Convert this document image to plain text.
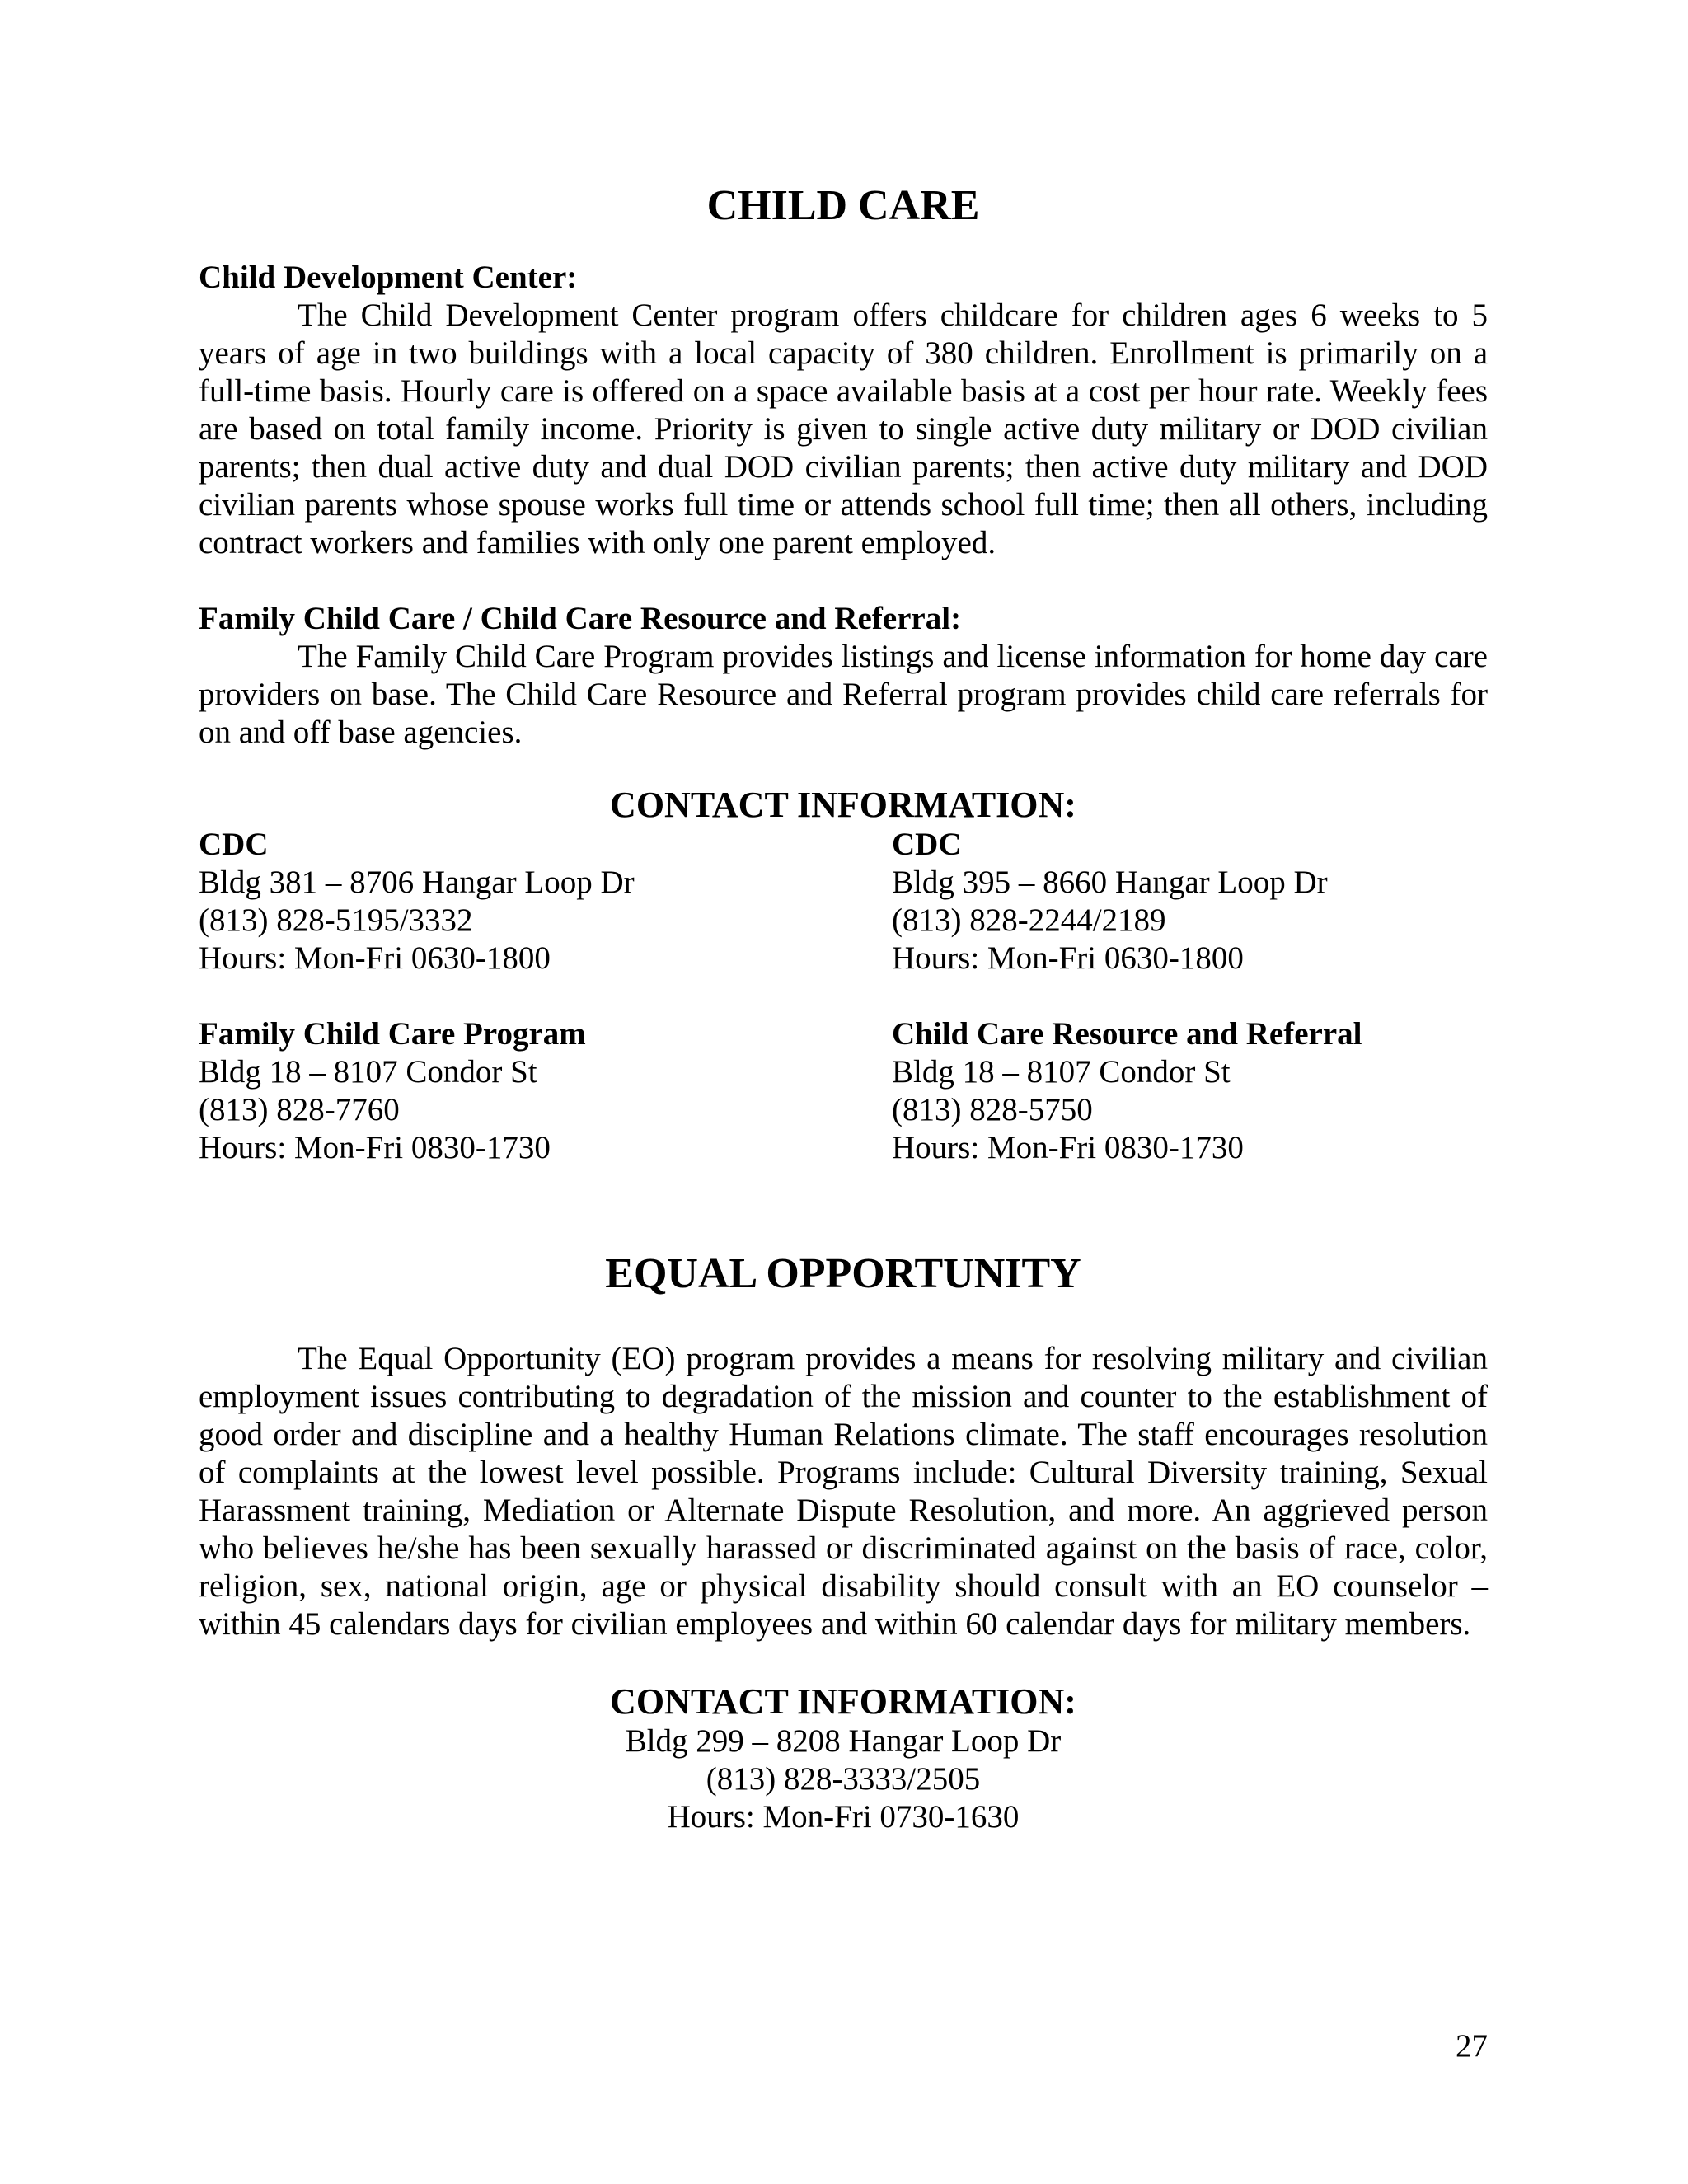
CHILD CARE
Child Development Center:

The Child Development Center program offers childcare for children ages 6 weeks to 5 years of age in two buildings with a local capacity of 380 children. Enrollment is primarily on a full-time basis. Hourly care is offered on a space available basis at a cost per hour rate. Weekly fees are based on total family income. Priority is given to single active duty military or DOD civilian parents; then dual active duty and dual DOD civilian parents; then active duty military and DOD civilian parents whose spouse works full time or attends school full time; then all others, including contract workers and families with only one parent employed.

Family Child Care / Child Care Resource and Referral:

The Family Child Care Program provides listings and license information for home day care providers on base. The Child Care Resource and Referral program provides child care referrals for on and off base agencies.

CONTACT INFORMATION:
CDC
Bldg 381 – 8706 Hangar Loop Dr
(813) 828-5195/3332
Hours: Mon-Fri 0630-1800
CDC
Bldg 395 – 8660 Hangar Loop Dr
(813) 828-2244/2189
Hours: Mon-Fri 0630-1800
Family Child Care Program
Bldg 18 – 8107 Condor St
(813) 828-7760
Hours: Mon-Fri 0830-1730
Child Care Resource and Referral
Bldg 18 – 8107 Condor St
(813) 828-5750
Hours: Mon-Fri 0830-1730
EQUAL OPPORTUNITY

The Equal Opportunity (EO) program provides a means for resolving military and civilian employment issues contributing to degradation of the mission and counter to the establishment of good order and discipline and a healthy Human Relations climate. The staff encourages resolution of complaints at the lowest level possible. Programs include: Cultural Diversity training, Sexual Harassment training, Mediation or Alternate Dispute Resolution, and more. An aggrieved person who believes he/she has been sexually harassed or discriminated against on the basis of race, color, religion, sex, national origin, age or physical disability should consult with an EO counselor – within 45 calendars days for civilian employees and within 60 calendar days for military members.

CONTACT INFORMATION:
Bldg 299 – 8208 Hangar Loop Dr
(813) 828-3333/2505
Hours: Mon-Fri 0730-1630
27
